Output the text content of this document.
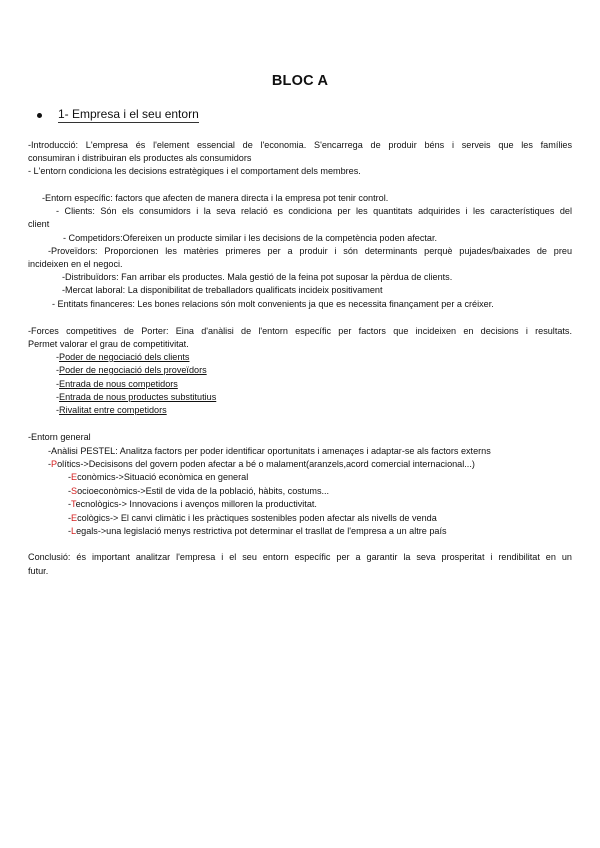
BLOC A
1- Empresa i el seu entorn
-Introducció: L'empresa és l'element essencial de l'economia. S'encarrega de produir béns i serveis que les famílies
consumiran i distribuiran els productes als consumidors
- L'entorn condiciona les decisions estratègiques i el comportament dels membres.
-Entorn específic: factors que afecten de manera directa i la empresa pot tenir control.
- Clients: Són els consumidors i la seva relació es condiciona per les quantitats adquirides i les característiques del
client
- Competidors:Ofereixen un producte similar i les decisions de la competència poden afectar.
-Proveïdors: Proporcionen les matèries primeres per a produir i són determinants perquè pujades/baixades de preu
incideixen en el negoci.
-Distribuïdors: Fan arribar els productes. Mala gestió de la feina pot suposar la pèrdua de clients.
-Mercat laboral: La disponibilitat de treballadors qualificats incideix positivament
- Entitats financeres: Les bones relacions són molt convenients ja que es necessita finançament per a créixer.
-Forces competitives de Porter: Eina d'anàlisi de l'entorn específic per factors que incideixen en decisions i resultats.
Permet valorar el grau de competitivitat.
-Poder de negociació dels clients
-Poder de negociació dels proveïdors
-Entrada de nous competidors
-Entrada de nous productes substitutius
-Rivalitat entre competidors
-Entorn general
-Anàlisi PESTEL: Analitza factors per poder identificar oportunitats i amenaçes i adaptar-se als factors externs
-Polítics->Decisisons del govern poden afectar a bé o malament(aranzels,acord comercial internacional...)
-Econòmics->Situació econòmica en general
-Socioeconòmics->Estil de vida de la població, hàbits, costums...
-Tecnològics-> Innovacions i avenços milloren la productivitat.
-Ecològics-> El canvi climàtic i les pràctiques sostenibles poden afectar als nivells de venda
-Legals->una legislació menys restrictiva pot determinar el trasllat de l'empresa a un altre país
Conclusió: és important analitzar l'empresa i el seu entorn específic per a garantir la seva prosperitat i rendibilitat en un
futur.
